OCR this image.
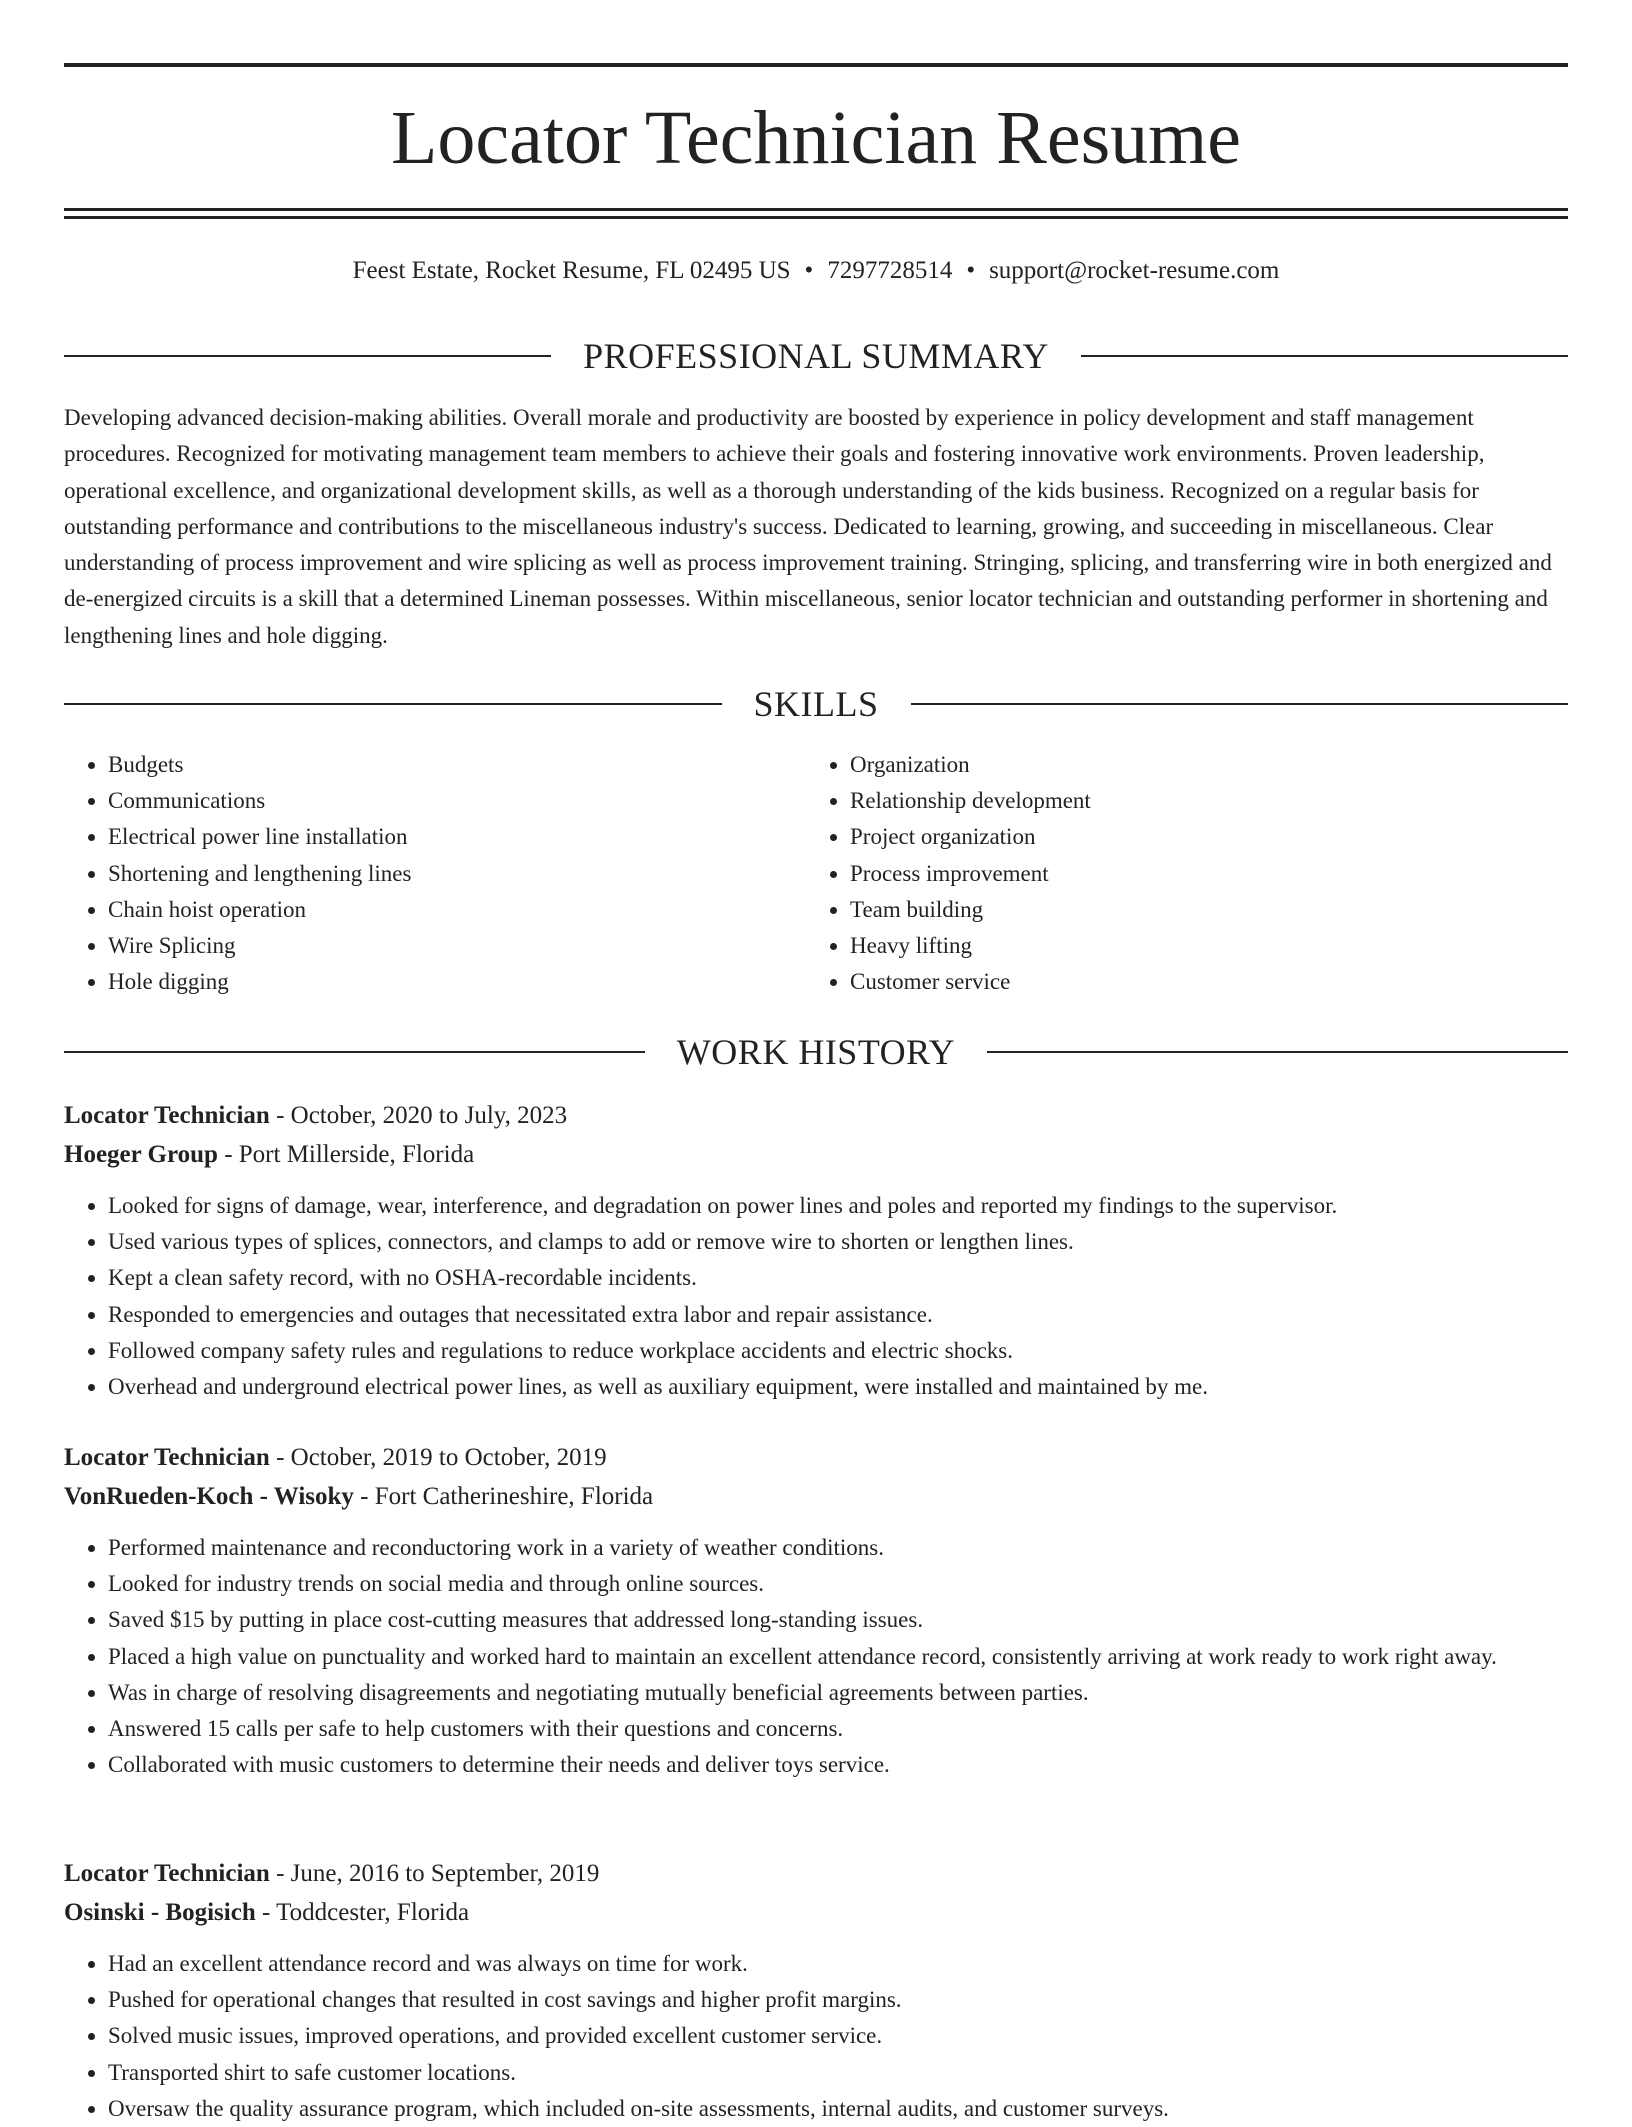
Locator Technician Resume
Feest Estate, Rocket Resume, FL 02495 US • 7297728514 • support@rocket-resume.com
PROFESSIONAL SUMMARY

Developing advanced decision-making abilities. Overall morale and productivity are boosted by experience in policy development and staff management procedures. Recognized for motivating management team members to achieve their goals and fostering innovative work environments. Proven leadership, operational excellence, and organizational development skills, as well as a thorough understanding of the kids business. Recognized on a regular basis for outstanding performance and contributions to the miscellaneous industry's success. Dedicated to learning, growing, and succeeding in miscellaneous. Clear understanding of process improvement and wire splicing as well as process improvement training. Stringing, splicing, and transferring wire in both energized and de-energized circuits is a skill that a determined Lineman possesses. Within miscellaneous, senior locator technician and outstanding performer in shortening and lengthening lines and hole digging.

SKILLS
• Budgets
• Communications
• Electrical power line installation
• Shortening and lengthening lines
• Chain hoist operation
• Wire Splicing
• Hole digging
• Organization
• Relationship development
• Project organization
• Process improvement
• Team building
• Heavy lifting
• Customer service
WORK HISTORY

Locator Technician - October, 2020 to July, 2023

Hoeger Group - Port Millerside, Florida

• Looked for signs of damage, wear, interference, and degradation on power lines and poles and reported my findings to the supervisor.
• Used various types of splices, connectors, and clamps to add or remove wire to shorten or lengthen lines.
• Kept a clean safety record, with no OSHA-recordable incidents.
• Responded to emergencies and outages that necessitated extra labor and repair assistance.
• Followed company safety rules and regulations to reduce workplace accidents and electric shocks.
• Overhead and underground electrical power lines, as well as auxiliary equipment, were installed and maintained by me.

Locator Technician - October, 2019 to October, 2019

VonRueden-Koch - Wisoky - Fort Catherineshire, Florida

• Performed maintenance and reconductoring work in a variety of weather conditions.
• Looked for industry trends on social media and through online sources.
• Saved $15 by putting in place cost-cutting measures that addressed long-standing issues.
• Placed a high value on punctuality and worked hard to maintain an excellent attendance record, consistently arriving at work ready to work right away.
• Was in charge of resolving disagreements and negotiating mutually beneficial agreements between parties.
• Answered 15 calls per safe to help customers with their questions and concerns.
• Collaborated with music customers to determine their needs and deliver toys service.

Locator Technician - June, 2016 to September, 2019

Osinski - Bogisich - Toddcester, Florida

• Had an excellent attendance record and was always on time for work.
• Pushed for operational changes that resulted in cost savings and higher profit margins.
• Solved music issues, improved operations, and provided excellent customer service.
• Transported shirt to safe customer locations.
• Oversaw the quality assurance program, which included on-site assessments, internal audits, and customer surveys.
